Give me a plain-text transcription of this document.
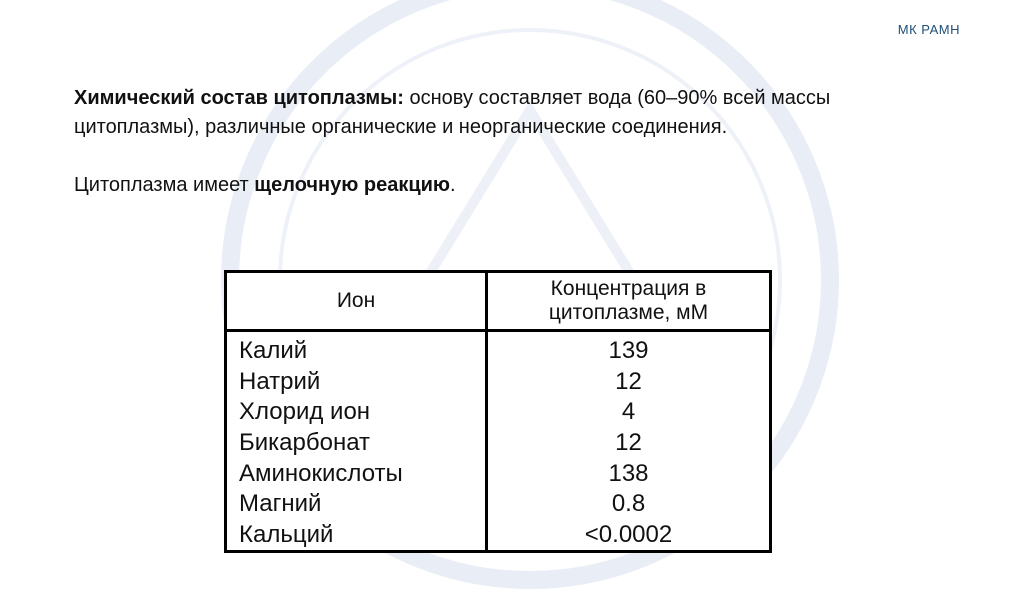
МК РАМН

Химический состав цитоплазмы: основу составляет вода (60–90% всей массы цитоплазмы), различные органические и неорганические соединения.

Цитоплазма имеет щелочную реакцию.

Ион	Концентрация в цитоплазме, мМ
Калий	139
Натрий	12
Хлорид ион	4
Бикарбонат	12
Аминокислоты	138
Магний	0.8
Кальций	<0.0002
